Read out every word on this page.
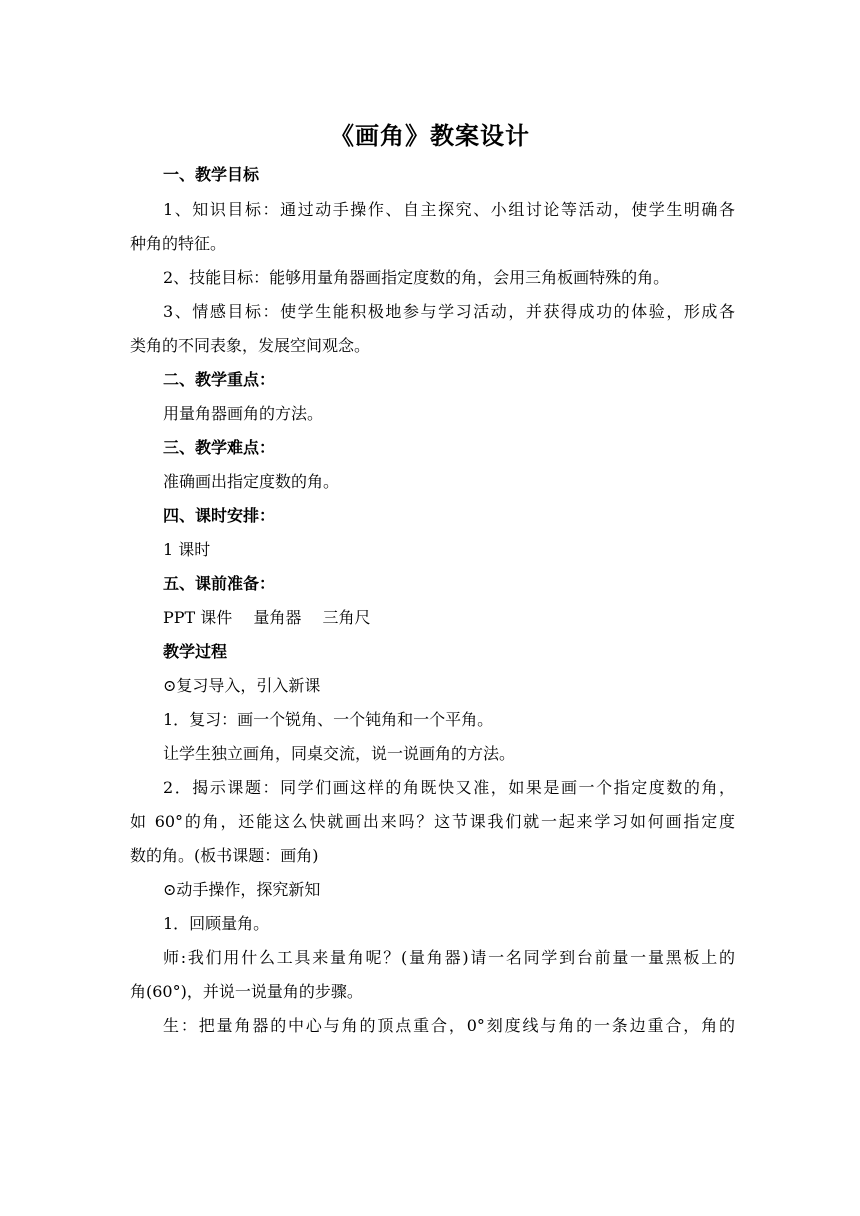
《画角》教案设计
一、教学目标
1、知识目标：通过动手操作、自主探究、小组讨论等活动，使学生明确各
种角的特征。
2、技能目标：能够用量角器画指定度数的角，会用三角板画特殊的角。
3、情感目标：使学生能积极地参与学习活动，并获得成功的体验，形成各
类角的不同表象，发展空间观念。
二、教学重点：
用量角器画角的方法。
三、教学难点：
准确画出指定度数的角。
四、课时安排：
1 课时
五、课前准备：
PPT 课件　 量角器　 三角尺
教学过程
⊙复习导入，引入新课
1．复习：画一个锐角、一个钝角和一个平角。
让学生独立画角，同桌交流，说一说画角的方法。
2．揭示课题：同学们画这样的角既快又准，如果是画一个指定度数的角，
如 60°的角，还能这么快就画出来吗？这节课我们就一起来学习如何画指定度
数的角。(板书课题：画角)
⊙动手操作，探究新知
1．回顾量角。
师:我们用什么工具来量角呢？(量角器)请一名同学到台前量一量黑板上的
角(60°)，并说一说量角的步骤。
生：把量角器的中心与角的顶点重合，0°刻度线与角的一条边重合，角的
